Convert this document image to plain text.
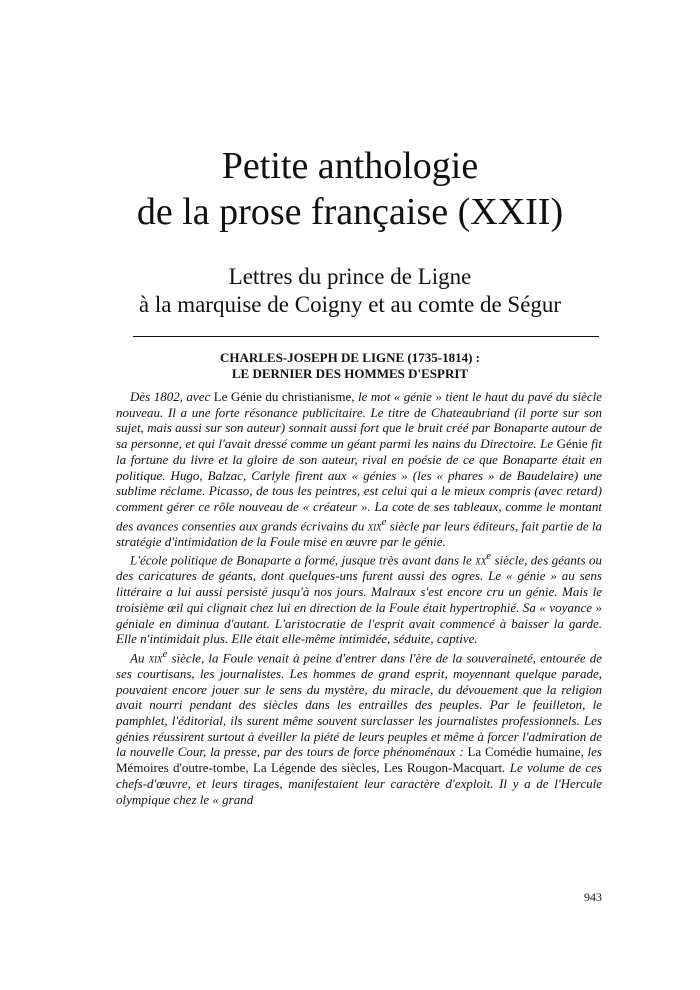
Petite anthologie
de la prose française (XXII)
Lettres du prince de Ligne
à la marquise de Coigny et au comte de Ségur
CHARLES-JOSEPH DE LIGNE (1735-1814) :
LE DERNIER DES HOMMES D'ESPRIT

Dès 1802, avec Le Génie du christianisme, le mot « génie » tient le haut du pavé du siècle nouveau. Il a une forte résonance publicitaire. Le titre de Chateaubriand (il porte sur son sujet, mais aussi sur son auteur) sonnait aussi fort que le bruit créé par Bonaparte autour de sa personne, et qui l'avait dressé comme un géant parmi les nains du Directoire. Le Génie fit la fortune du livre et la gloire de son auteur, rival en poésie de ce que Bonaparte était en politique. Hugo, Balzac, Carlyle firent aux « génies » (les « phares » de Baudelaire) une sublime réclame. Picasso, de tous les peintres, est celui qui a le mieux compris (avec retard) comment gérer ce rôle nouveau de « créateur ». La cote de ses tableaux, comme le montant des avances consenties aux grands écrivains du xix$^e$ siècle par leurs éditeurs, fait partie de la stratégie d'intimidation de la Foule mise en œuvre par le génie.

L'école politique de Bonaparte a formé, jusque très avant dans le $xx^e$ siècle, des géants ou des caricatures de géants, dont quelques-uns furent aussi des ogres. Le « génie » au sens littéraire a lui aussi persisté jusqu'à nos jours. Malraux s'est encore cru un génie. Mais le troisième œil qui clignait chez lui en direction de la Foule était hypertrophié. Sa « voyance » géniale en diminua d'autant. L'aristocratie de l'esprit avait commencé à baisser la garde. Elle n'intimidait plus. Elle était elle-même intimidée, séduite, captive.

Au xix$^e$ siècle, la Foule venait à peine d'entrer dans l'ère de la souveraineté, entourée de ses courtisans, les journalistes. Les hommes de grand esprit, moyennant quelque parade, pouvaient encore jouer sur le sens du mystère, du miracle, du dévouement que la religion avait nourri pendant des siècles dans les entrailles des peuples. Par le feuilleton, le pamphlet, l'éditorial, ils surent même souvent surclasser les journalistes professionnels. Les génies réussirent surtout à éveiller la piété de leurs peuples et même à forcer l'admiration de la nouvelle Cour, la presse, par des tours de force phénoménaux : La Comédie humaine, les Mémoires d'outre-tombe, La Légende des siècles, Les Rougon-Macquart. Le volume de ces chefs-d'œuvre, et leurs tirages, manifestaient leur caractère d'exploit. Il y a de l'Hercule olympique chez le « grand

943
